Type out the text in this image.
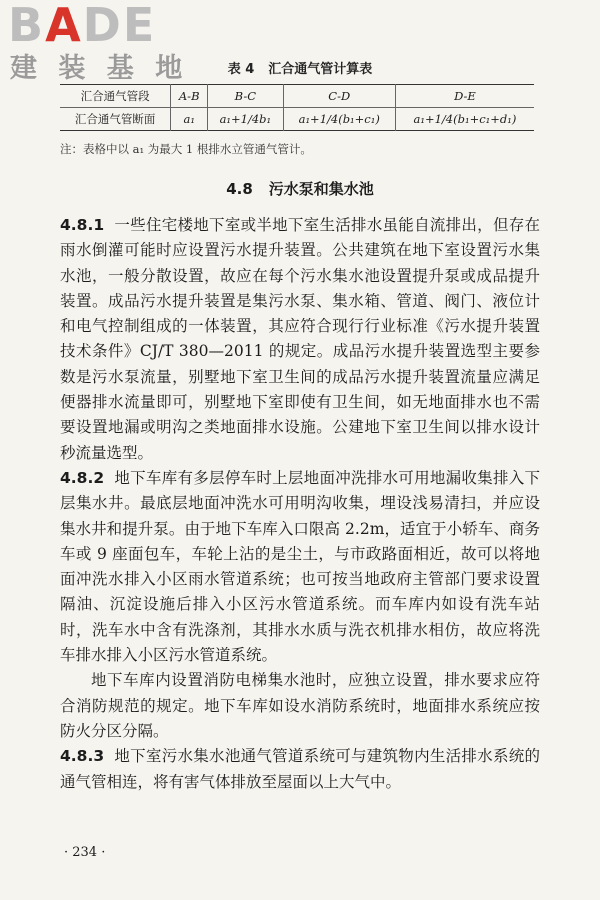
BADE
建 装 基 地	表 4 汇合通气管计算表
汇合通气管段	A-B	B-C	C-D	D-E
汇合通气管断面	a₁	a₁+1/4b₁	a₁+1/4(b₁+c₁)	a₁+1/4(b₁+c₁+d₁)
注：表格中以 a₁ 为最大 1 根排水立管通气管计。
4.8 污水泵和集水池

4.8.1 一些住宅楼地下室或半地下室生活排水虽能自流排出，但存在雨水倒灌可能时应设置污水提升装置。公共建筑在地下室设置污水集水池，一般分散设置，故应在每个污水集水池设置提升泵或成品提升装置。成品污水提升装置是集污水泵、集水箱、管道、阀门、液位计和电气控制组成的一体装置，其应符合现行行业标准《污水提升装置技术条件》CJ/T 380—2011 的规定。成品污水提升装置选型主要参数是污水泵流量，别墅地下室卫生间的成品污水提升装置流量应满足便器排水流量即可，别墅地下室即使有卫生间，如无地面排水也不需要设置地漏或明沟之类地面排水设施。公建地下室卫生间以排水设计秒流量选型。

4.8.2 地下车库有多层停车时上层地面冲洗排水可用地漏收集排入下层集水井。最底层地面冲洗水可用明沟收集，埋设浅易清扫，并应设集水井和提升泵。由于地下车库入口限高 2.2m，适宜于小轿车、商务车或 9 座面包车，车轮上沾的是尘土，与市政路面相近，故可以将地面冲洗水排入小区雨水管道系统；也可按当地政府主管部门要求设置隔油、沉淀设施后排入小区污水管道系统。而车库内如设有洗车站时，洗车水中含有洗涤剂，其排水水质与洗衣机排水相仿，故应将洗车排水排入小区污水管道系统。

地下车库内设置消防电梯集水池时，应独立设置，排水要求应符合消防规范的规定。地下车库如设水消防系统时，地面排水系统应按防火分区分隔。

4.8.3 地下室污水集水池通气管道系统可与建筑物内生活排水系统的通气管相连，将有害气体排放至屋面以上大气中。

· 234 ·
